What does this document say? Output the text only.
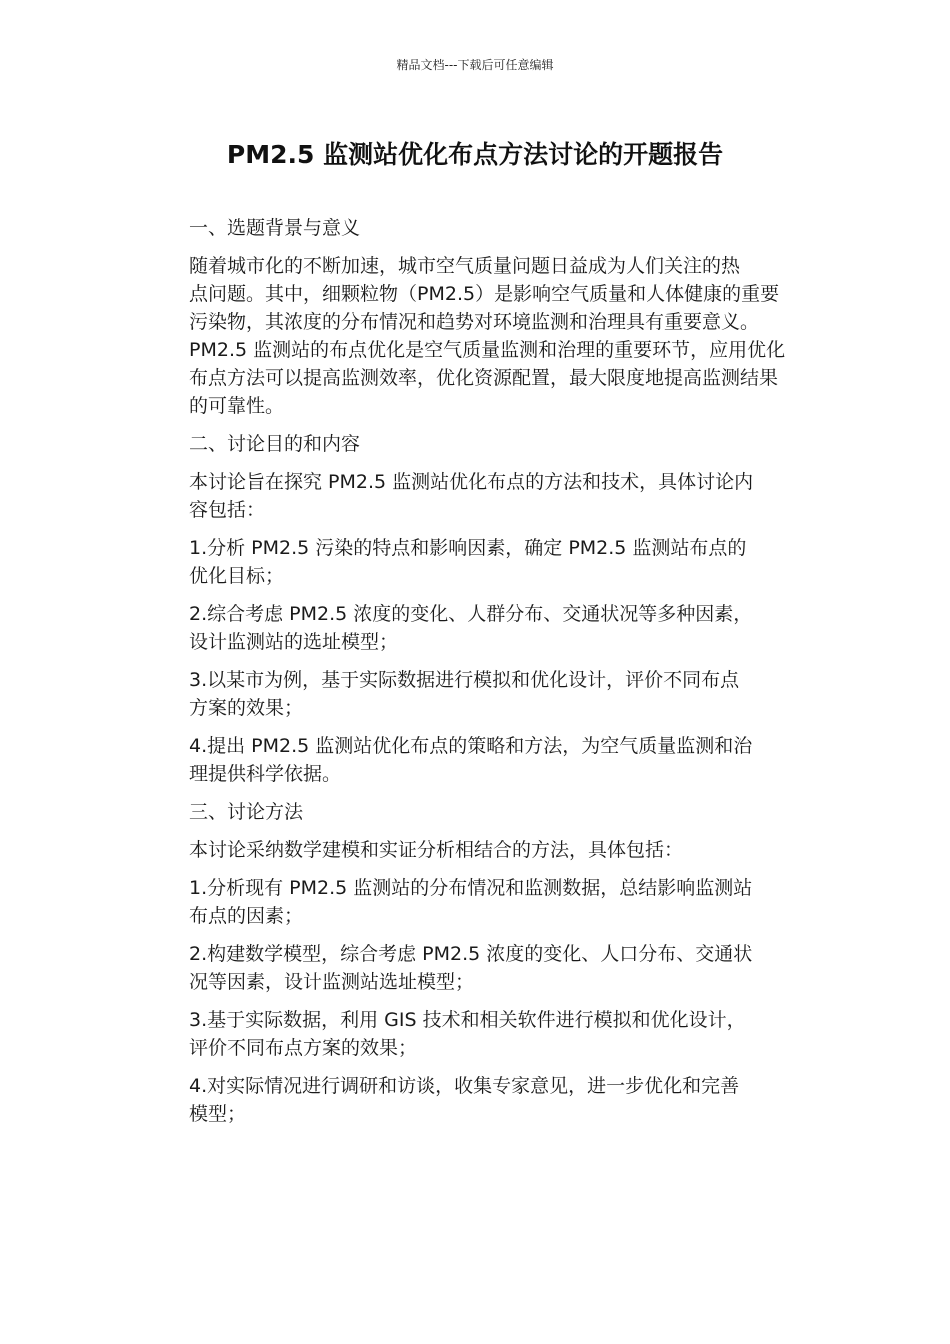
精品文档---下载后可任意编辑
PM2.5 监测站优化布点方法讨论的开题报告

一、选题背景与意义

随着城市化的不断加速，城市空气质量问题日益成为人们关注的热
点问题。其中，细颗粒物（PM2.5）是影响空气质量和人体健康的重要
污染物，其浓度的分布情况和趋势对环境监测和治理具有重要意义。
PM2.5 监测站的布点优化是空气质量监测和治理的重要环节，应用优化
布点方法可以提高监测效率，优化资源配置，最大限度地提高监测结果
的可靠性。

二、讨论目的和内容

本讨论旨在探究 PM2.5 监测站优化布点的方法和技术，具体讨论内
容包括：

1.分析 PM2.5 污染的特点和影响因素，确定 PM2.5 监测站布点的
优化目标；

2.综合考虑 PM2.5 浓度的变化、人群分布、交通状况等多种因素，
设计监测站的选址模型；

3.以某市为例，基于实际数据进行模拟和优化设计，评价不同布点
方案的效果；

4.提出 PM2.5 监测站优化布点的策略和方法，为空气质量监测和治
理提供科学依据。

三、讨论方法

本讨论采纳数学建模和实证分析相结合的方法，具体包括：

1.分析现有 PM2.5 监测站的分布情况和监测数据，总结影响监测站
布点的因素；

2.构建数学模型，综合考虑 PM2.5 浓度的变化、人口分布、交通状
况等因素，设计监测站选址模型；

3.基于实际数据，利用 GIS 技术和相关软件进行模拟和优化设计，
评价不同布点方案的效果；

4.对实际情况进行调研和访谈，收集专家意见，进一步优化和完善
模型；
